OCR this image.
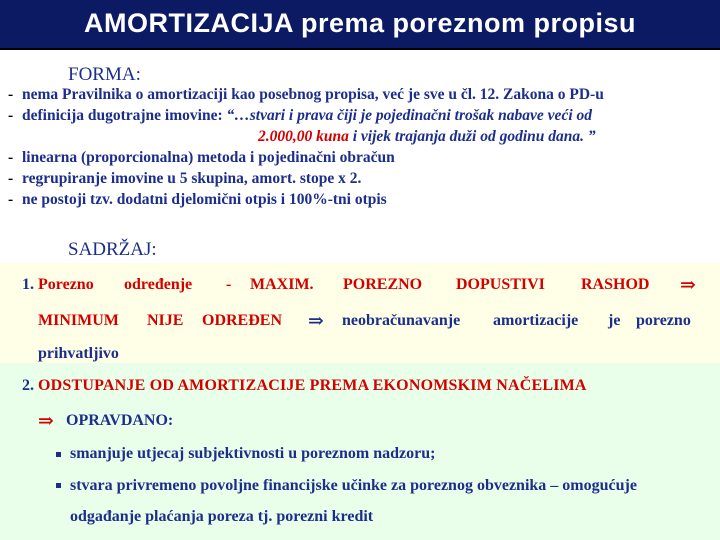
AMORTIZACIJA prema poreznom propisu
FORMA:
- nema Pravilnika o amortizaciji kao posebnog propisa, već je sve u čl. 12. Zakona o PD-u
- definicija dugotrajne imovine: “…stvari i prava čiji je pojedinačni trošak nabave veći od
2.000,00 kuna i vijek trajanja duži od godinu dana. ”
- linearna (proporcionalna) metoda i pojedinačni obračun
- regrupiranje imovine u 5 skupina, amort. stope x 2.
- ne postoji tzv. dodatni djelomični otpis i 100%-tni otpis
SADRŽAJ:
1. Porezno određenje - MAXIM. POREZNO DOPUSTIVI RASHOD ⇒
MINIMUM NIJE ODREĐEN ⇒ neobračunavanje amortizacije je porezno
prihvatljivo
2. ODSTUPANJE OD AMORTIZACIJE PREMA EKONOMSKIM NAČELIMA
⇒ OPRAVDANO:
smanjuje utjecaj subjektivnosti u poreznom nadzoru;
stvara privremeno povoljne financijske učinke za poreznog obveznika – omogućuje
odgađanje plaćanja poreza tj. porezni kredit
